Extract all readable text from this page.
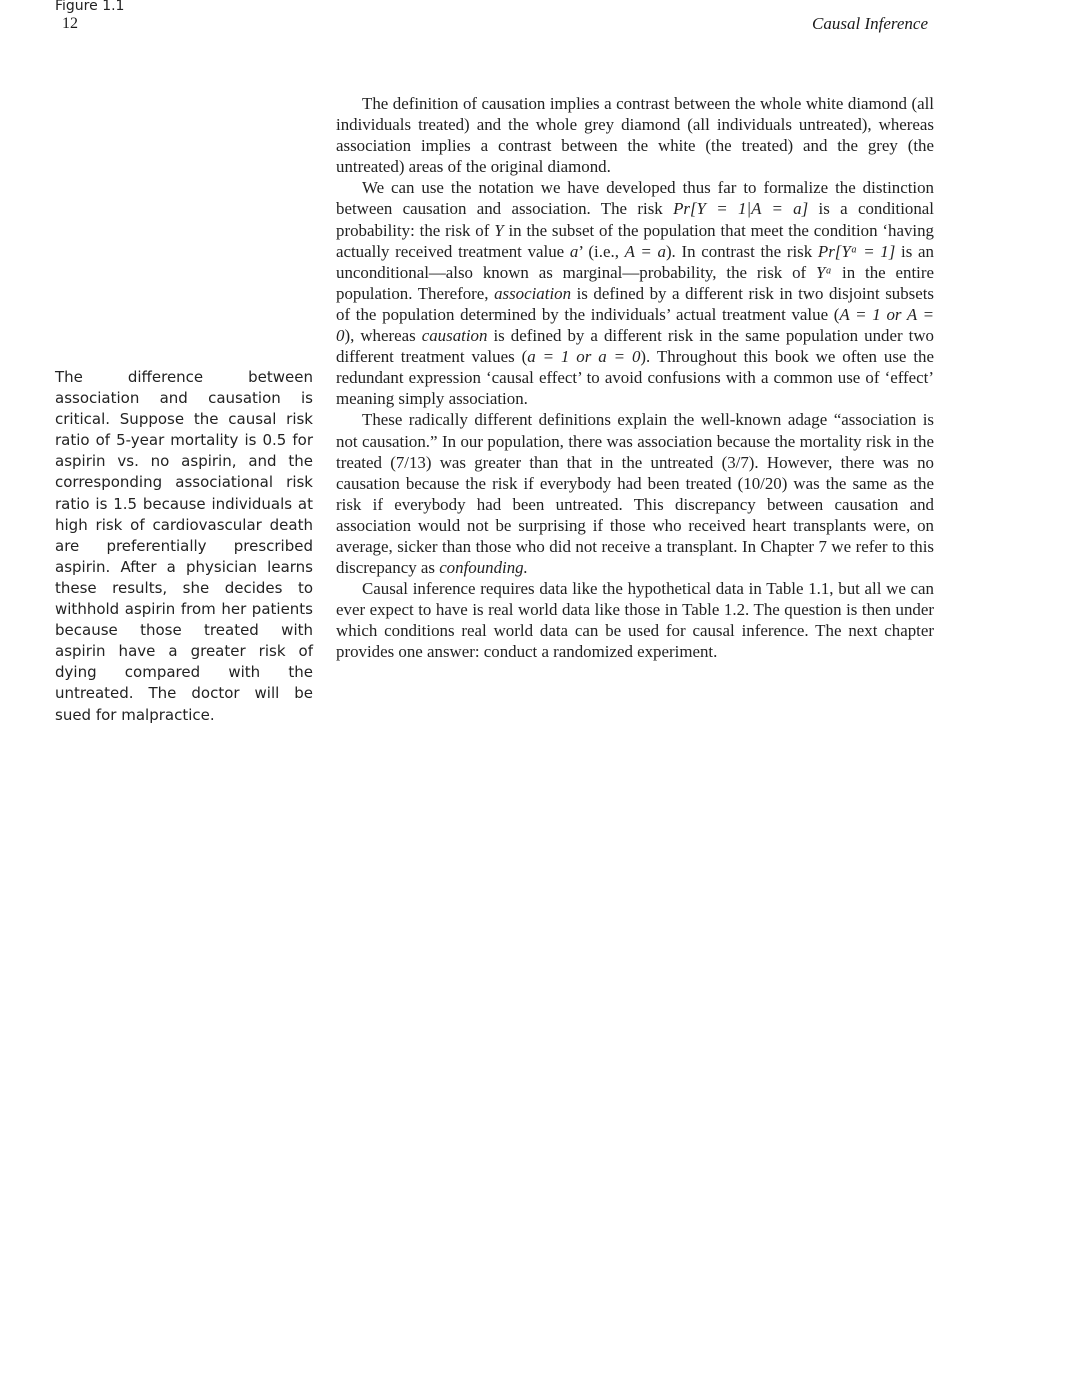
Figure 1.1
12	Causal Inference
The difference between association and causation is critical. Suppose the causal risk ratio of 5-year mortality is 0.5 for aspirin vs. no aspirin, and the corresponding associational risk ratio is 1.5 because individuals at high risk of cardiovascular death are preferentially prescribed aspirin. After a physician learns these results, she decides to withhold aspirin from her patients because those treated with aspirin have a greater risk of dying compared with the untreated. The doctor will be sued for malpractice.

The definition of causation implies a contrast between the whole white diamond (all individuals treated) and the whole grey diamond (all individuals untreated), whereas association implies a contrast between the white (the treated) and the grey (the untreated) areas of the original diamond.

We can use the notation we have developed thus far to formalize the distinction between causation and association. The risk Pr[Y = 1|A = a] is a conditional probability: the risk of Y in the subset of the population that meet the condition ‘having actually received treatment value a’ (i.e., A = a). In contrast the risk Pr[Yᵃ = 1] is an unconditional—also known as marginal—probability, the risk of Yᵃ in the entire population. Therefore, association is defined by a different risk in two disjoint subsets of the population determined by the individuals’ actual treatment value (A = 1 or A = 0), whereas causation is defined by a different risk in the same population under two different treatment values (a = 1 or a = 0). Throughout this book we often use the redundant expression ‘causal effect’ to avoid confusions with a common use of ‘effect’ meaning simply association.

These radically different definitions explain the well-known adage “association is not causation.” In our population, there was association because the mortality risk in the treated (7/13) was greater than that in the untreated (3/7). However, there was no causation because the risk if everybody had been treated (10/20) was the same as the risk if everybody had been untreated. This discrepancy between causation and association would not be surprising if those who received heart transplants were, on average, sicker than those who did not receive a transplant. In Chapter 7 we refer to this discrepancy as confounding.

Causal inference requires data like the hypothetical data in Table 1.1, but all we can ever expect to have is real world data like those in Table 1.2. The question is then under which conditions real world data can be used for causal inference. The next chapter provides one answer: conduct a randomized experiment.
